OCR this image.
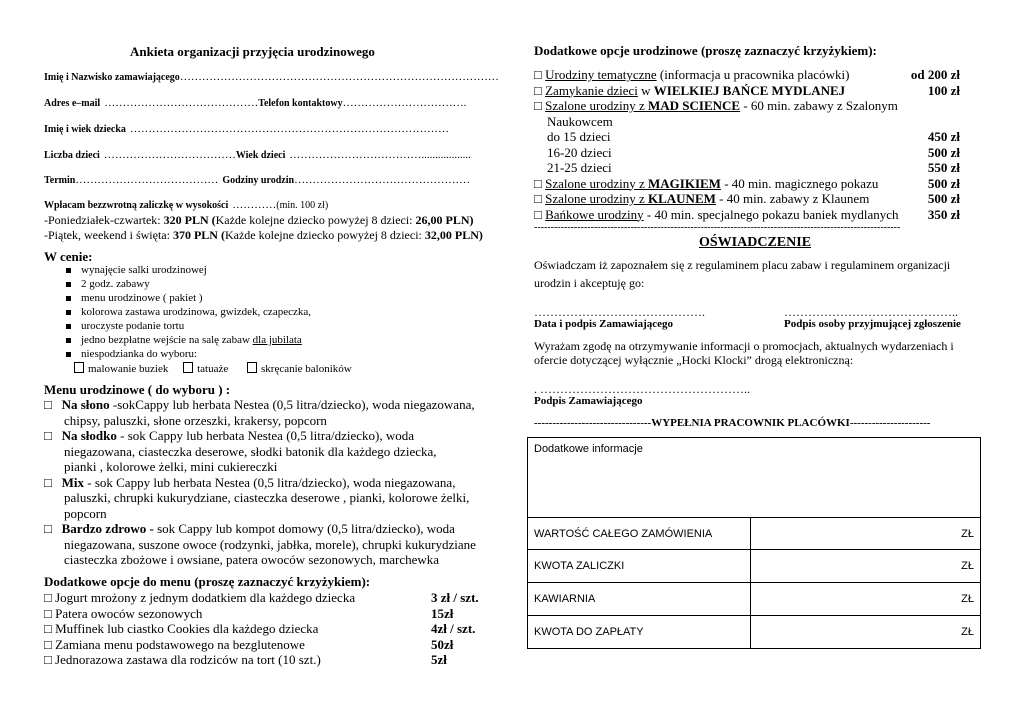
Ankieta organizacji przyjęcia urodzinowego
Imię i Nazwisko zamawiającego……………………………………………………………………………
Adres e–mail ……………………………………Telefon kontaktowy…………………………….
Imię i wiek dziecka ……………………………………………………………………………
Liczba dzieci ………………………………Wiek dzieci ………………………………..................
Termin………………………………… Godziny urodzin…………………………………………
Wpłacam bezzwrotną zaliczkę w wysokości …………(min. 100 zł)
-Poniedziałek-czwartek: 320 PLN (Każde kolejne dziecko powyżej 8 dzieci: 26,00 PLN)
-Piątek, weekend i święta: 370 PLN (Każde kolejne dziecko powyżej 8 dzieci: 32,00 PLN)
W cenie:
wynajęcie salki urodzinowej
2 godz. zabawy
menu urodzinowe ( pakiet )
kolorowa zastawa urodzinowa, gwizdek, czapeczka,
uroczyste podanie tortu
jedno bezpłatne wejście na salę zabaw dla jubilata
niespodzianka do wyboru:
malowanie buziek	tatuaże	skręcanie baloników
Menu urodzinowe ( do wyboru ) :
□   Na słono -sokCappy lub herbata Nestea (0,5 litra/dziecko), woda niegazowana,
chipsy, paluszki, słone orzeszki, krakersy, popcorn
□   Na słodko - sok Cappy lub herbata Nestea (0,5 litra/dziecko), woda
niegazowana, ciasteczka deserowe, słodki batonik dla każdego dziecka,
pianki , kolorowe żelki, mini cukiereczki
□   Mix - sok Cappy lub herbata Nestea (0,5 litra/dziecko), woda niegazowana,
paluszki, chrupki kukurydziane, ciasteczka deserowe , pianki, kolorowe żelki,
popcorn
□   Bardzo zdrowo - sok Cappy lub kompot domowy (0,5 litra/dziecko), woda
niegazowana, suszone owoce (rodzynki, jabłka, morele), chrupki kukurydziane
ciasteczka zbożowe i owsiane, patera owoców sezonowych, marchewka
Dodatkowe opcje do menu (proszę zaznaczyć krzyżykiem):
□ Jogurt mrożony z jednym dodatkiem dla każdego dziecka	3 zł / szt.
□ Patera owoców sezonowych	15zł
□ Muffinek lub ciastko Cookies dla każdego dziecka	4zł / szt.
□ Zamiana menu podstawowego na bezglutenowe	50zł
□ Jednorazowa zastawa dla rodziców na tort (10 szt.)	5zł
Dodatkowe opcje urodzinowe (proszę zaznaczyć krzyżykiem):
□ Urodziny tematyczne (informacja u pracownika placówki)	od 200 zł
□ Zamykanie dzieci w WIELKIEJ BAŃCE MYDLANEJ	100 zł
□ Szalone urodziny z MAD SCIENCE - 60 min. zabawy z Szalonym
Naukowcem
do 15 dzieci	450 zł
16-20 dzieci	500 zł
21-25 dzieci	550 zł
□ Szalone urodziny z MAGIKIEM - 40 min. magicznego pokazu	500 zł
□ Szalone urodziny z KLAUNEM - 40 min. zabawy z Klaunem	500 zł
□ Bańkowe urodziny - 40 min. specjalnego pokazu baniek mydlanych 350 zł
--------------------------------------------------------------------------------------------------------------
OŚWIADCZENIE
Oświadczam iż zapoznałem się z regulaminem placu zabaw i regulaminem organizacji
urodzin i akceptuję go:
…………………………………….	……………………………………..
Data i podpis Zamawiającego	Podpis osoby przyjmującej zgłoszenie
Wyrażam zgodę na otrzymywanie informacji o promocjach, aktualnych wydarzeniach i
ofercie dotyczącej wyłącznie „Hocki Klocki” drogą elektroniczną:
. ……………………………………………..
Podpis Zamawiającego
--------------------------------WYPEŁNIA PRACOWNIK PLACÓWKI----------------------
Dodatkowe informacje	
WARTOŚĆ CAŁEGO ZAMÓWIENIA	ZŁ
KWOTA ZALICZKI	ZŁ
KAWIARNIA	ZŁ
KWOTA DO ZAPŁATY	ZŁ
